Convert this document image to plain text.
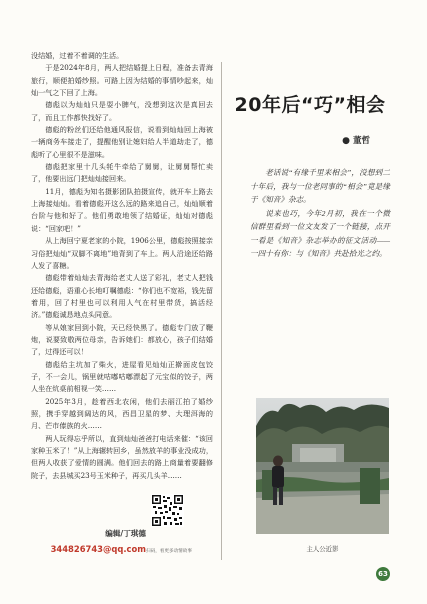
没结婚，过着不着调的生活。

于是2024年8月，两人把结婚提上日程，准备去青海旅行，顺便拍婚纱照。可路上因为结婚的事情吵起来，灿灿一气之下回了上海。

德彪以为灿灿只是耍小脾气，没想到这次是真回去了，而且工作都快找好了。

德彪的粉丝们还给他通风报信，说看到灿灿回上海被一辆商务车接走了，提醒他别让媳妇给人半道劫走了，德彪听了心里很不是滋味。

德彪把家里十几头牦牛牵给了舅舅，让舅舅帮忙卖了，他要出远门把灿灿接回来。

11月，德彪为知名摄影团队拍摄宣传，就开车上路去上海接灿灿。看着德彪开这么远的路来追自己，灿灿顺着台阶与他和好了。他们勇敢地领了结婚证，灿灿对德彪说：“回家吧！”

从上海回宁夏老家的小院，1906公里，德彪按照接亲习俗把灿灿“双脚不离地”地背到了车上。两人沿途还给路人发了喜糖。

德彪带着灿灿去青海给老丈人送了彩礼，老丈人把钱还给德彪，语重心长地叮嘱德彪：“你们也不宽裕，钱先留着用，回了村里也可以利用人气在村里带货，搞活经济。”德彪诚恳地点头同意。

等从娘家回到小院，天已经快黑了。德彪专门放了鞭炮，说要致敬两位母亲，告诉她们：都放心，孩子们结婚了，过得还可以！

德彪给主坑加了柴火，进屋看见灿灿正擀面皮包饺子，不一会儿，锅里就咕嘟咕嘟漂起了元宝似的饺子，两人坐在炕桌前相视一笑……

2025年3月，趁着西北农闲，他们去丽江拍了婚纱照，携手穿越到阔达的风，西昌卫星的梦、大理洱海的月、芒市傣族的火……

两人玩得忘乎所以，直到灿灿爸爸打电话来催：“该回家种玉米了！”从上海辗转回乡，虽然放羊的事业没成功，但两人收获了爱情的圆满。他们回去的路上商量着要翻修院子，去县城买23号玉米种子，再买几头羊……

20年后“巧”相会
● 董哲

老话说“有缘千里来相会”，没想到二十年后，我与一位老同事的“相会”竟是缘于《知音》杂志。

说来也巧，今年2月初，我在一个微信群里看到一位文友发了一个链接，点开一看是《知音》杂志举办的征文活动——一四十有你：与《知音》共赴拾光之约。

主人公近影
编辑/丁琪德
344826743@qq.com 扫码，看更多动情故事
63
